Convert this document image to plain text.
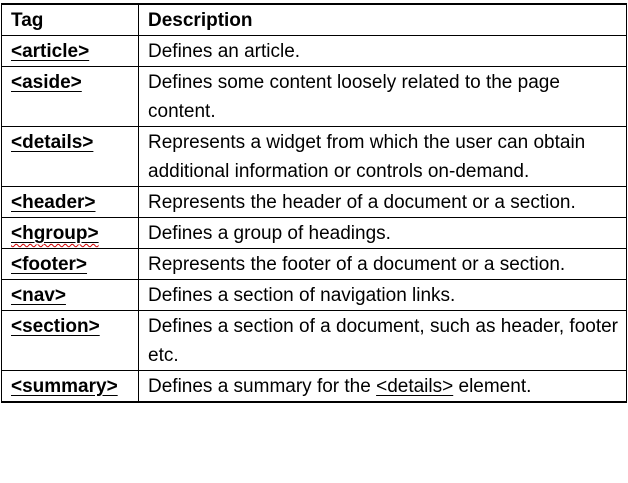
Tag	Description
<article>	Defines an article.
<aside>	Defines some content loosely related to the page content.
<details>	Represents a widget from which the user can obtain additional information or controls on-demand.
<header>	Represents the header of a document or a section.
<hgroup>	Defines a group of headings.
<footer>	Represents the footer of a document or a section.
<nav>	Defines a section of navigation links.
<section>	Defines a section of a document, such as header, footer etc.
<summary>	Defines a summary for the <details> element.
